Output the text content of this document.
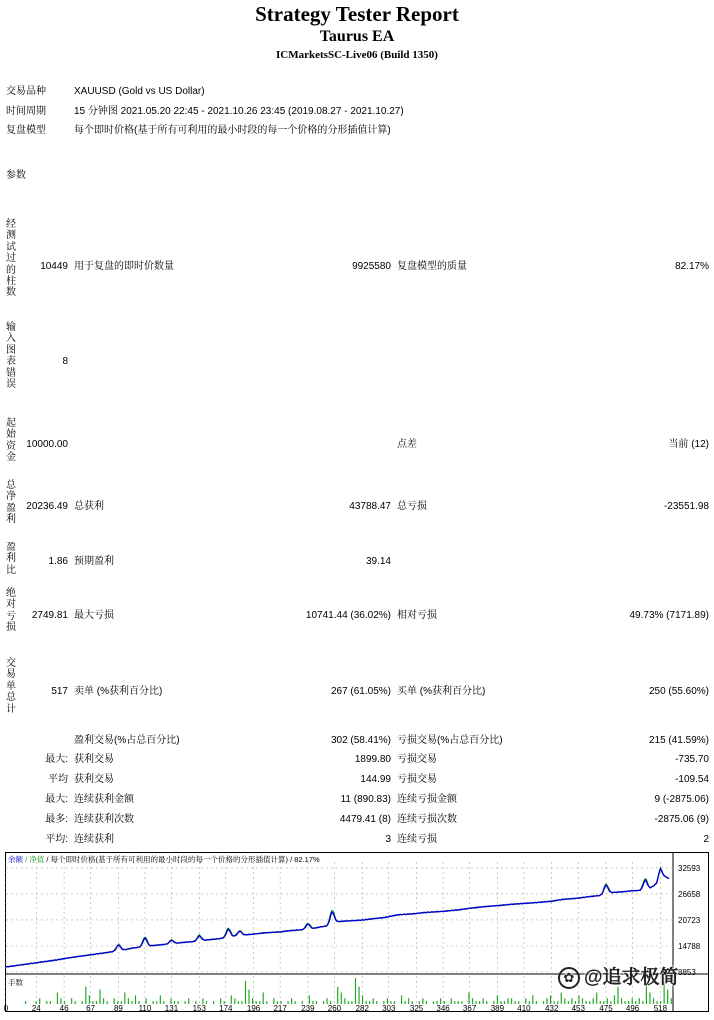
Strategy Tester Report
Taurus EA
ICMarketsSC-Live06 (Build 1350)
交易品种	XAUUSD (Gold vs US Dollar)
时间周期	15 分钟图 2021.05.20 22:45 - 2021.10.26 23:45 (2019.08.27 - 2021.10.27)
复盘模型	每个即时价格(基于所有可利用的最小时段的每一个价格的分形插值计算)
参数
经测试过的柱数
10449 用于复盘的即时价数量	9925580 复盘模型的质量	82.17%
输入图表错误
8
起始资金
10000.00	点差	当前 (12)
总净盈利
20236.49 总获利	43788.47 总亏损	-23551.98
盈利比
1.86 预期盈利	39.14
绝对亏损
2749.81 最大亏损	10741.44 (36.02%) 相对亏损	49.73% (7171.89)
交易单总计
517 卖单 (%获利百分比)	267 (61.05%) 买单 (%获利百分比)	250 (55.60%)
盈利交易(%占总百分比)	302 (58.41%) 亏损交易(%占总百分比)	215 (41.59%)
最大: 获利交易	1899.80 亏损交易	-735.70
平均 获利交易	144.99 亏损交易	-109.54
最大: 连续获利金额	11 (890.83) 连续亏损金额	9 (-2875.06)
最多: 连续获利次数	4479.41 (8) 连续亏损次数	-2875.06 (9)
平均: 连续获利	3 连续亏损	2
32593
26658
20723
14788
8853
0	24 46 67 89 110 131 153 174 196 217 239 260 282 303 325 346 367 389 410 432 453 475 496 518
余额 / 净值 / 每个即时价格(基于所有可利用的最小时段的每一个价格的分形插值计算) / 82.17%
手数	✿ @追求极简
